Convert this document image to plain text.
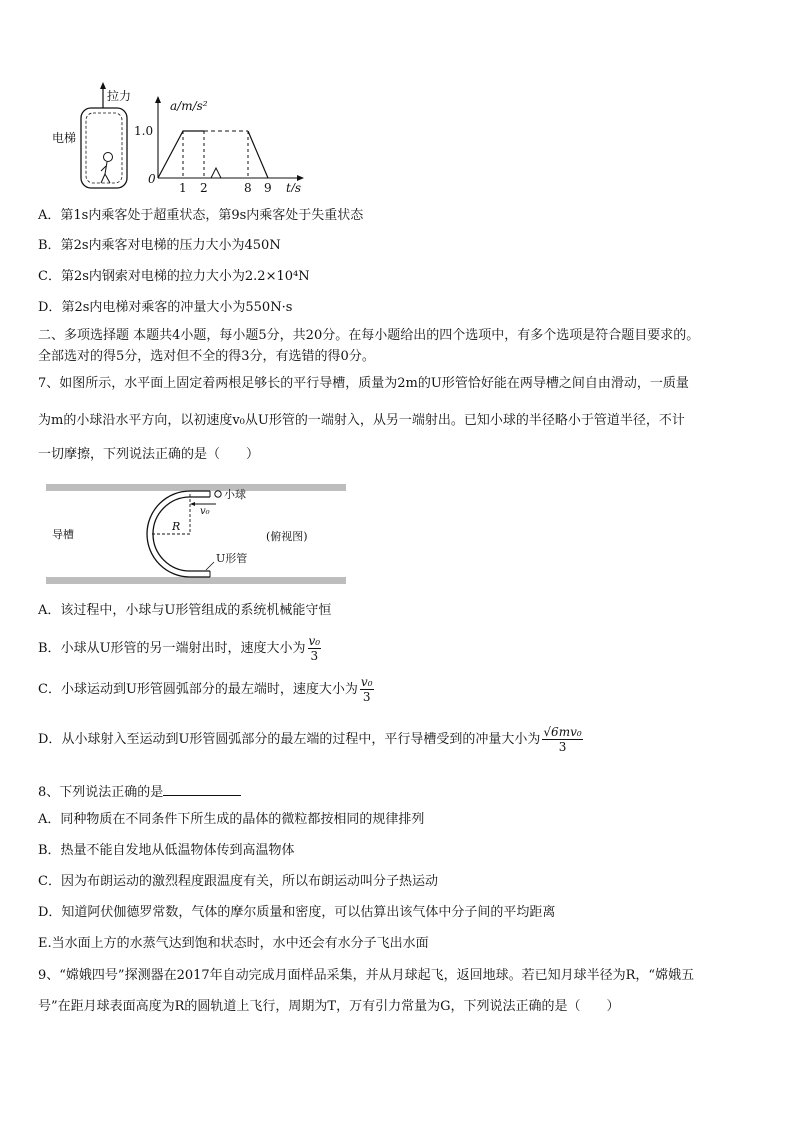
拉力
电梯
a/m/s²
1.0
0
1 2	8 9 t/s
A．第1s内乘客处于超重状态，第9s内乘客处于失重状态
B．第2s内乘客对电梯的压力大小为450N
C．第2s内钢索对电梯的拉力大小为2.2×10⁴N
D．第2s内电梯对乘客的冲量大小为550N·s
二、多项选择题 本题共4小题，每小题5分，共20分。在每小题给出的四个选项中，有多个选项是符合题目要求的。
全部选对的得5分，选对但不全的得3分，有选错的得0分。
7、如图所示，水平面上固定着两根足够长的平行导槽，质量为2m的U形管恰好能在两导槽之间自由滑动，一质量
为m的小球沿水平方向，以初速度v₀从U形管的一端射入，从另一端射出。已知小球的半径略小于管道半径，不计
一切摩擦，下列说法正确的是（　　）
导槽
R
小球
v₀
U形管
(俯视图)
A．该过程中，小球与U形管组成的系统机械能守恒
B．小球从U形管的另一端射出时，速度大小为 $\frac{\text{v₀}}{3}$
C．小球运动到U形管圆弧部分的最左端时，速度大小为 $\frac{\text{v₀}}{3}$
D．从小球射入至运动到U形管圆弧部分的最左端的过程中，平行导槽受到的冲量大小为 $\frac{\text{√6mv₀}}{3}$
8、下列说法正确的是
A．同种物质在不同条件下所生成的晶体的微粒都按相同的规律排列
B．热量不能自发地从低温物体传到高温物体
C．因为布朗运动的激烈程度跟温度有关，所以布朗运动叫分子热运动
D．知道阿伏伽德罗常数，气体的摩尔质量和密度，可以估算出该气体中分子间的平均距离
E.当水面上方的水蒸气达到饱和状态时，水中还会有水分子飞出水面
9、“嫦娥四号”探测器在2017年自动完成月面样品采集，并从月球起飞，返回地球。若已知月球半径为R，“嫦娥五
号”在距月球表面高度为R的圆轨道上飞行，周期为T，万有引力常量为G，下列说法正确的是（　　）
